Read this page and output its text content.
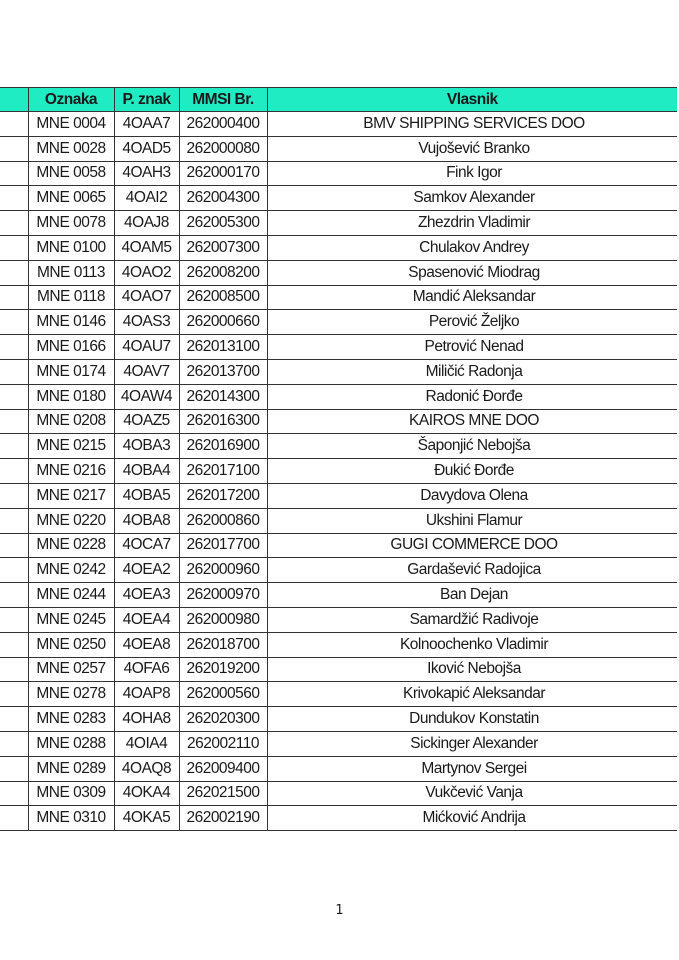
	Oznaka	P. znak	MMSI Br.	Vlasnik
	MNE 0004	4OAA7	262000400	BMV SHIPPING SERVICES DOO
	MNE 0028	4OAD5	262000080	Vujošević Branko
	MNE 0058	4OAH3	262000170	Fink Igor
	MNE 0065	4OAI2	262004300	Samkov Alexander
	MNE 0078	4OAJ8	262005300	Zhezdrin Vladimir
	MNE 0100	4OAM5	262007300	Chulakov Andrey
	MNE 0113	4OAO2	262008200	Spasenović Miodrag
	MNE 0118	4OAO7	262008500	Mandić Aleksandar
	MNE 0146	4OAS3	262000660	Perović Željko
	MNE 0166	4OAU7	262013100	Petrović Nenad
	MNE 0174	4OAV7	262013700	Miličić Radonja
	MNE 0180	4OAW4	262014300	Radonić Đorđe
	MNE 0208	4OAZ5	262016300	KAIROS MNE DOO
	MNE 0215	4OBA3	262016900	Šaponjić Nebojša
	MNE 0216	4OBA4	262017100	Đukić Đorđe
	MNE 0217	4OBA5	262017200	Davydova Olena
	MNE 0220	4OBA8	262000860	Ukshini Flamur
	MNE 0228	4OCA7	262017700	GUGI COMMERCE DOO
	MNE 0242	4OEA2	262000960	Gardašević Radojica
	MNE 0244	4OEA3	262000970	Ban Dejan
	MNE 0245	4OEA4	262000980	Samardžić Radivoje
	MNE 0250	4OEA8	262018700	Kolnoochenko Vladimir
	MNE 0257	4OFA6	262019200	Iković Nebojša
	MNE 0278	4OAP8	262000560	Krivokapić Aleksandar
	MNE 0283	4OHA8	262020300	Dundukov Konstatin
	MNE 0288	4OIA4	262002110	Sickinger Alexander
	MNE 0289	4OAQ8	262009400	Martynov Sergei
	MNE 0309	4OKA4	262021500	Vukčević Vanja
	MNE 0310	4OKA5	262002190	Mićković Andrija
1
